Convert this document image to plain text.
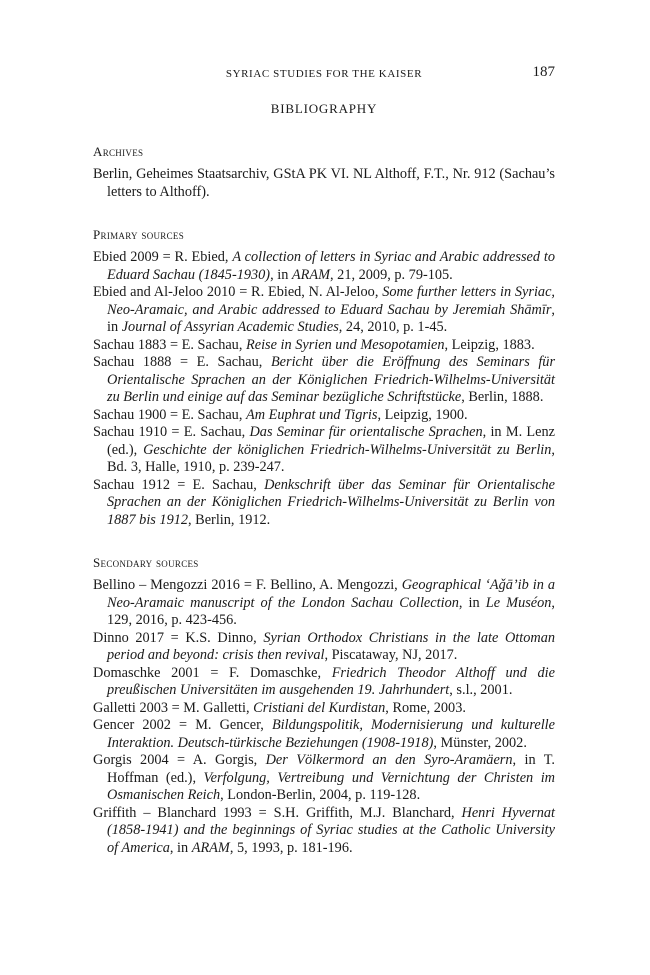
SYRIAC STUDIES FOR THE KAISER	187
BIBLIOGRAPHY
Archives

Berlin, Geheimes Staatsarchiv, GStA PK VI. NL Althoff, F.T., Nr. 912 (Sachau’s letters to Althoff).

Primary sources

Ebied 2009 = R. Ebied, A collection of letters in Syriac and Arabic addressed to Eduard Sachau (1845-1930), in ARAM, 21, 2009, p. 79-105.

Ebied and Al-Jeloo 2010 = R. Ebied, N. Al-Jeloo, Some further letters in Syriac, Neo-Aramaic, and Arabic addressed to Eduard Sachau by Jeremiah Shāmīr, in Journal of Assyrian Academic Studies, 24, 2010, p. 1-45.

Sachau 1883 = E. Sachau, Reise in Syrien und Mesopotamien, Leipzig, 1883.

Sachau 1888 = E. Sachau, Bericht über die Eröffnung des Seminars für Orientalische Sprachen an der Königlichen Friedrich-Wilhelms-Universität zu Berlin und einige auf das Seminar bezügliche Schriftstücke, Berlin, 1888.

Sachau 1900 = E. Sachau, Am Euphrat und Tigris, Leipzig, 1900.

Sachau 1910 = E. Sachau, Das Seminar für orientalische Sprachen, in M. Lenz (ed.), Geschichte der königlichen Friedrich-Wilhelms-Universität zu Berlin, Bd. 3, Halle, 1910, p. 239-247.

Sachau 1912 = E. Sachau, Denkschrift über das Seminar für Orientalische Sprachen an der Königlichen Friedrich-Wilhelms-Universität zu Berlin von 1887 bis 1912, Berlin, 1912.

Secondary sources

Bellino – Mengozzi 2016 = F. Bellino, A. Mengozzi, Geographical ‘Aǧā’ib in a Neo-Aramaic manuscript of the London Sachau Collection, in Le Muséon, 129, 2016, p. 423-456.

Dinno 2017 = K.S. Dinno, Syrian Orthodox Christians in the late Ottoman period and beyond: crisis then revival, Piscataway, NJ, 2017.

Domaschke 2001 = F. Domaschke, Friedrich Theodor Althoff und die preußischen Universitäten im ausgehenden 19. Jahrhundert, s.l., 2001.

Galletti 2003 = M. Galletti, Cristiani del Kurdistan, Rome, 2003.

Gencer 2002 = M. Gencer, Bildungspolitik, Modernisierung und kulturelle Interaktion. Deutsch-türkische Beziehungen (1908-1918), Münster, 2002.

Gorgis 2004 = A. Gorgis, Der Völkermord an den Syro-Aramäern, in T. Hoffman (ed.), Verfolgung, Vertreibung und Vernichtung der Christen im Osmanischen Reich, London-Berlin, 2004, p. 119-128.

Griffith – Blanchard 1993 = S.H. Griffith, M.J. Blanchard, Henri Hyvernat (1858-1941) and the beginnings of Syriac studies at the Catholic University of America, in ARAM, 5, 1993, p. 181-196.
